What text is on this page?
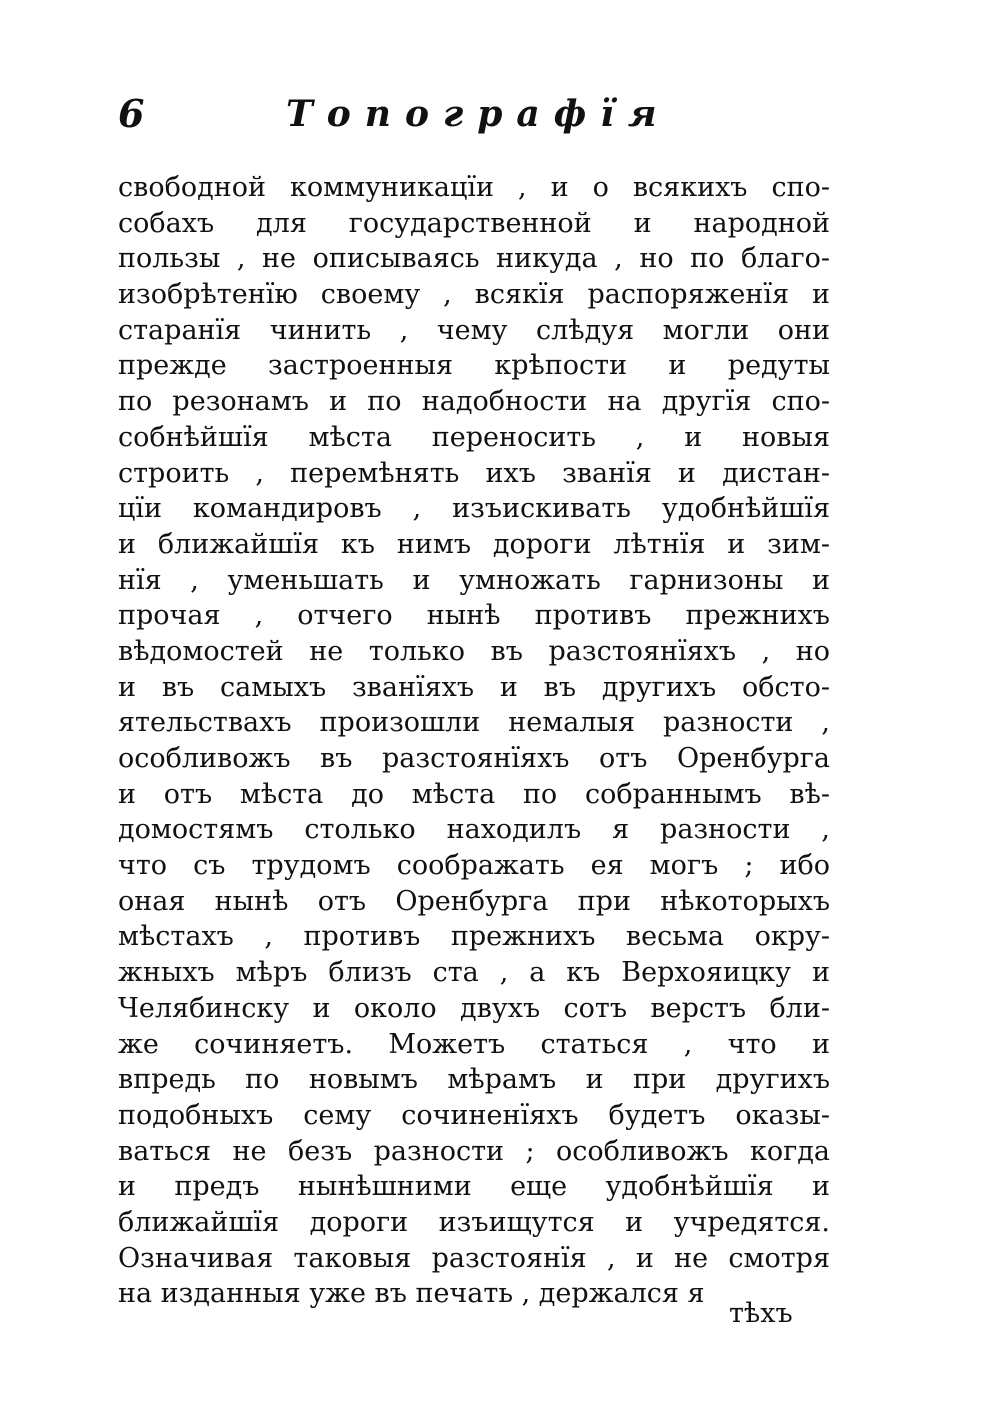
6	Топографїя
свободной коммуникацїи , и о всякихъ спо-
собахъ для государственной и народной
пользы , не описываясь никуда , но по благо-
изобрѣтенїю своему , всякїя распоряженїя и
старанїя чинить , чему слѣдуя могли они
прежде застроенныя крѣпости и редуты
по резонамъ и по надобности на другїя спо-
собнѣйшїя мѣста переносить , и новыя
строить , перемѣнять ихъ званїя и дистан-
цїи командировъ , изъискивать удобнѣйшїя
и ближайшїя къ нимъ дороги лѣтнїя и зим-
нїя , уменьшать и умножать гарнизоны и
прочая , отчего нынѣ противъ прежнихъ
вѣдомостей не только въ разстоянїяхъ , но
и въ самыхъ званїяхъ и въ другихъ обсто-
ятельствахъ произошли немалыя разности ,
особливожъ въ разстоянїяхъ отъ Оренбурга
и отъ мѣста до мѣста по собраннымъ вѣ-
домостямъ столько находилъ я разности ,
что съ трудомъ соображать ея могъ ; ибо
оная нынѣ отъ Оренбурга при нѣкоторыхъ
мѣстахъ , противъ прежнихъ весьма окру-
жныхъ мѣръ близъ ста , а къ Верхояицку и
Челябинску и около двухъ сотъ верстъ бли-
же сочиняетъ. Можетъ статься , что и
впредь по новымъ мѣрамъ и при другихъ
подобныхъ сему сочиненїяхъ будетъ оказы-
ваться не безъ разности ; особливожъ когда
и предъ нынѣшними еще удобнѣйшїя и
ближайшїя дороги изъищутся и учредятся.
Означивая таковыя разстоянїя , и не смотря
на изданныя уже въ печать , держался я
тѣхъ
